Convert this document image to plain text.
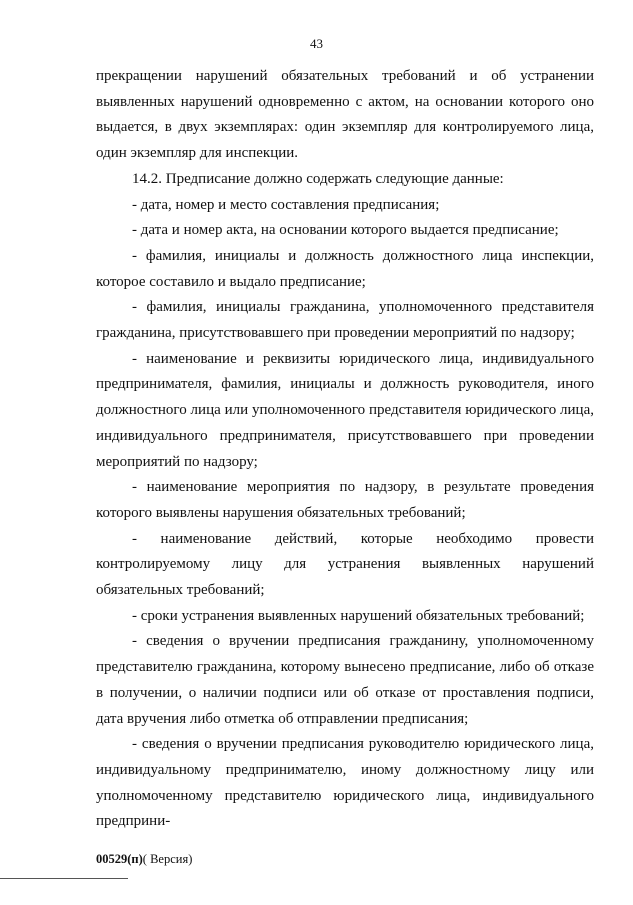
43

прекращении нарушений обязательных требований и об устранении выявленных нарушений одновременно с актом, на основании которого оно выдается, в двух экземплярах: один экземпляр для контролируемого лица, один экземпляр для инспекции.

14.2. Предписание должно содержать следующие данные:

- дата, номер и место составления предписания;

- дата и номер акта, на основании которого выдается предписание;

- фамилия, инициалы и должность должностного лица инспекции, которое составило и выдало предписание;

- фамилия, инициалы гражданина, уполномоченного представителя гражданина, присутствовавшего при проведении мероприятий по надзору;

- наименование и реквизиты юридического лица, индивидуального предпринимателя, фамилия, инициалы и должность руководителя, иного должностного лица или уполномоченного представителя юридического лица, индивидуального предпринимателя, присутствовавшего при проведении мероприятий по надзору;

- наименование мероприятия по надзору, в результате проведения которого выявлены нарушения обязательных требований;

- наименование действий, которые необходимо провести контролируемому лицу для устранения выявленных нарушений обязательных требований;

- сроки устранения выявленных нарушений обязательных требований;

- сведения о вручении предписания гражданину, уполномоченному представителю гражданина, которому вынесено предписание, либо об отказе в получении, о наличии подписи или об отказе от проставления подписи, дата вручения либо отметка об отправлении предписания;

- сведения о вручении предписания руководителю юридического лица, индивидуальному предпринимателю, иному должностному лицу или уполномоченному представителю юридического лица, индивидуального предприни-

00529(п)( Версия)
